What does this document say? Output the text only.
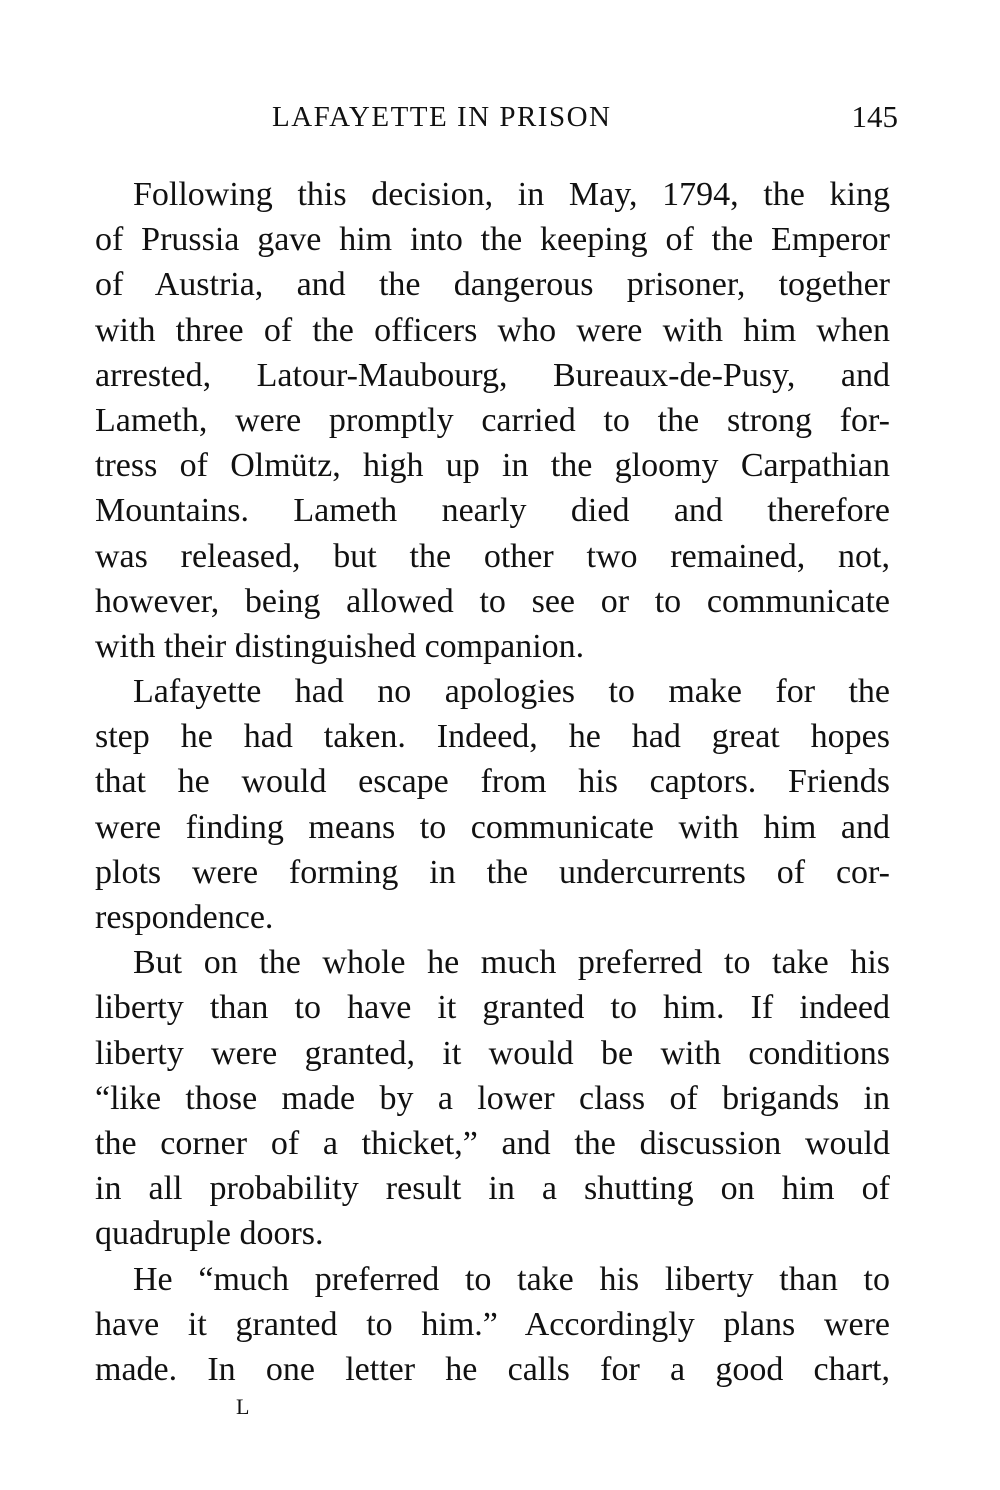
LAFAYETTE IN PRISON	145
Following this decision, in May, 1794, the king
of Prussia gave him into the keeping of the Emperor
of Austria, and the dangerous prisoner, together
with three of the officers who were with him when
arrested, Latour-Maubourg, Bureaux-de-Pusy, and
Lameth, were promptly carried to the strong for-
tress of Olmütz, high up in the gloomy Carpathian
Mountains. Lameth nearly died and therefore
was released, but the other two remained, not,
however, being allowed to see or to communicate
with their distinguished companion.
Lafayette had no apologies to make for the
step he had taken. Indeed, he had great hopes
that he would escape from his captors. Friends
were finding means to communicate with him and
plots were forming in the undercurrents of cor-
respondence.
But on the whole he much preferred to take his
liberty than to have it granted to him. If indeed
liberty were granted, it would be with conditions
“like those made by a lower class of brigands in
the corner of a thicket,” and the discussion would
in all probability result in a shutting on him of
quadruple doors.
He “much preferred to take his liberty than to
have it granted to him.” Accordingly plans were
made. In one letter he calls for a good chart,
L
